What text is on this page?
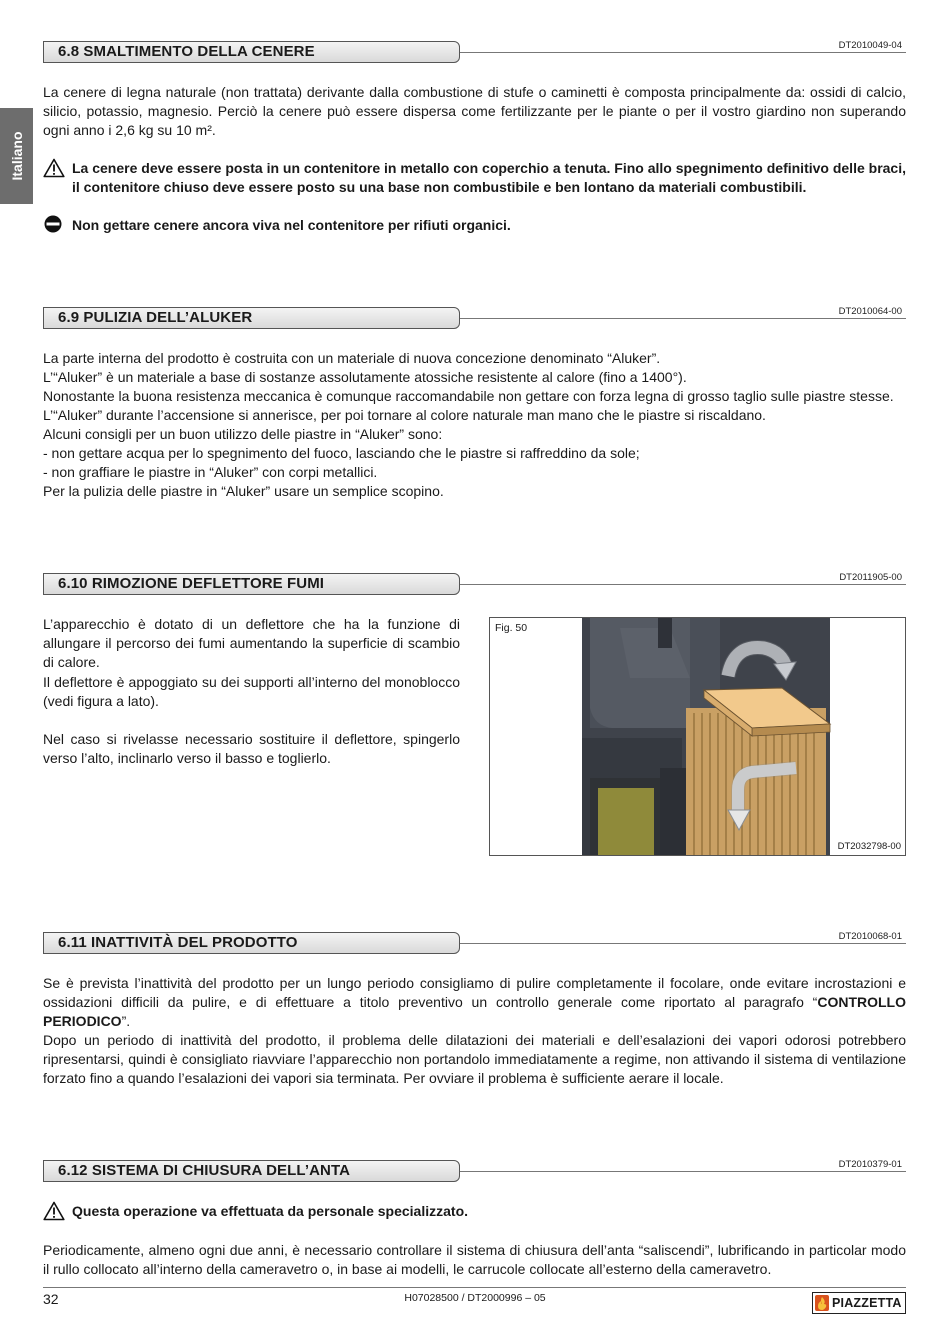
Italiano
6.8 SMALTIMENTO DELLA CENERE	DT2010049-04

La cenere di legna naturale (non trattata) derivante dalla combustione di stufe o caminetti è composta principalmente da: ossidi di calcio, silicio, potassio, magnesio. Perciò la cenere può essere dispersa come fertilizzante per le piante o per il vostro giardino non superando ogni anno i 2,6 kg su 10 m².

La cenere deve essere posta in un contenitore in metallo con coperchio a tenuta. Fino allo spegnimento definitivo delle braci, il contenitore chiuso deve essere posto su una base non combustibile e ben lontano da materiali combustibili.
Non gettare cenere ancora viva nel contenitore per rifiuti organici.
6.9 PULIZIA DELL’ALUKER	DT2010064-00
La parte interna del prodotto è costruita con un materiale di nuova concezione denominato “Aluker”.
L’“Aluker” è un materiale a base di sostanze assolutamente atossiche resistente al calore (fino a 1400°).
Nonostante la buona resistenza meccanica è comunque raccomandabile non gettare con forza legna di grosso taglio sulle piastre stesse.
L’“Aluker” durante l’accensione si annerisce, per poi tornare al colore naturale man mano che le piastre si riscaldano.
Alcuni consigli per un buon utilizzo delle piastre in “Aluker” sono:
- non gettare acqua per lo spegnimento del fuoco, lasciando che le piastre si raffreddino da sole;
- non graffiare le piastre in “Aluker” con corpi metallici.
Per la pulizia delle piastre in “Aluker” usare un semplice scopino.
6.10 RIMOZIONE DEFLETTORE FUMI	DT2011905-00

L’apparecchio è dotato di un deflettore che ha la funzione di allungare il percorso dei fumi aumentando la superficie di scambio di calore.

Il deflettore è appoggiato su dei supporti all’interno del monoblocco (vedi figura a lato).

Nel caso si rivelasse necessario sostituire il deflettore, spingerlo verso l’alto, inclinarlo verso il basso e toglierlo.

Fig. 50
DT2032798-00
6.11 INATTIVITÀ DEL PRODOTTO	DT2010068-01

Se è prevista l’inattività del prodotto per un lungo periodo consigliamo di pulire completamente il focolare, onde evitare incrostazioni e ossidazioni difficili da pulire, e di effettuare a titolo preventivo un controllo generale come riportato al paragrafo “CONTROLLO PERIODICO”.

Dopo un periodo di inattività del prodotto, il problema delle dilatazioni dei materiali e dell’esalazioni dei vapori odorosi potrebbero ripresentarsi, quindi è consigliato riavviare l’apparecchio non portandolo immediatamente a regime, non attivando il sistema di ventilazione forzato fino a quando l’esalazioni dei vapori sia terminata. Per ovviare il problema è sufficiente aerare il locale.

6.12 SISTEMA DI CHIUSURA DELL’ANTA	DT2010379-01
Questa operazione va effettuata da personale specializzato.

Periodicamente, almeno ogni due anni, è necessario controllare il sistema di chiusura dell’anta “saliscendi”, lubrificando in particolar modo il rullo collocato all’interno della cameravetro o, in base ai modelli, le carrucole collocate all’esterno della cameravetro.

32	H07028500 / DT2000996 – 05	PIAZZETTA
